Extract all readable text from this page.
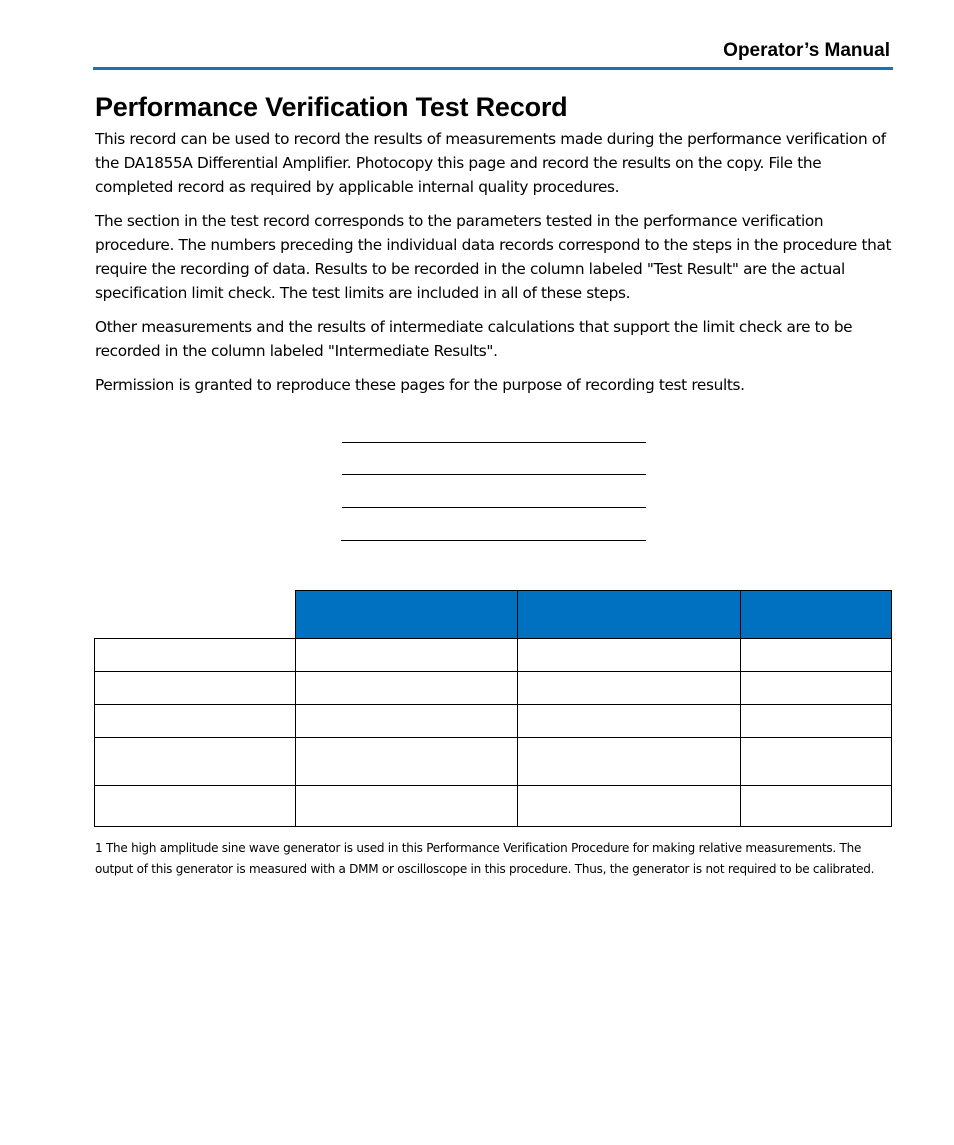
Operator’s Manual
Performance Verification Test Record

This record can be used to record the results of measurements made during the performance verification of the DA1855A Differential Amplifier. Photocopy this page and record the results on the copy. File the completed record as required by applicable internal quality procedures.

The section in the test record corresponds to the parameters tested in the performance verification procedure. The numbers preceding the individual data records correspond to the steps in the procedure that require the recording of data. Results to be recorded in the column labeled "Test Result" are the actual specification limit check. The test limits are included in all of these steps.

Other measurements and the results of intermediate calculations that support the limit check are to be recorded in the column labeled "Intermediate Results".

Permission is granted to reproduce these pages for the purpose of recording test results.

1 The high amplitude sine wave generator is used in this Performance Verification Procedure for making relative measurements. The output of this generator is measured with a DMM or oscilloscope in this procedure. Thus, the generator is not required to be calibrated.
